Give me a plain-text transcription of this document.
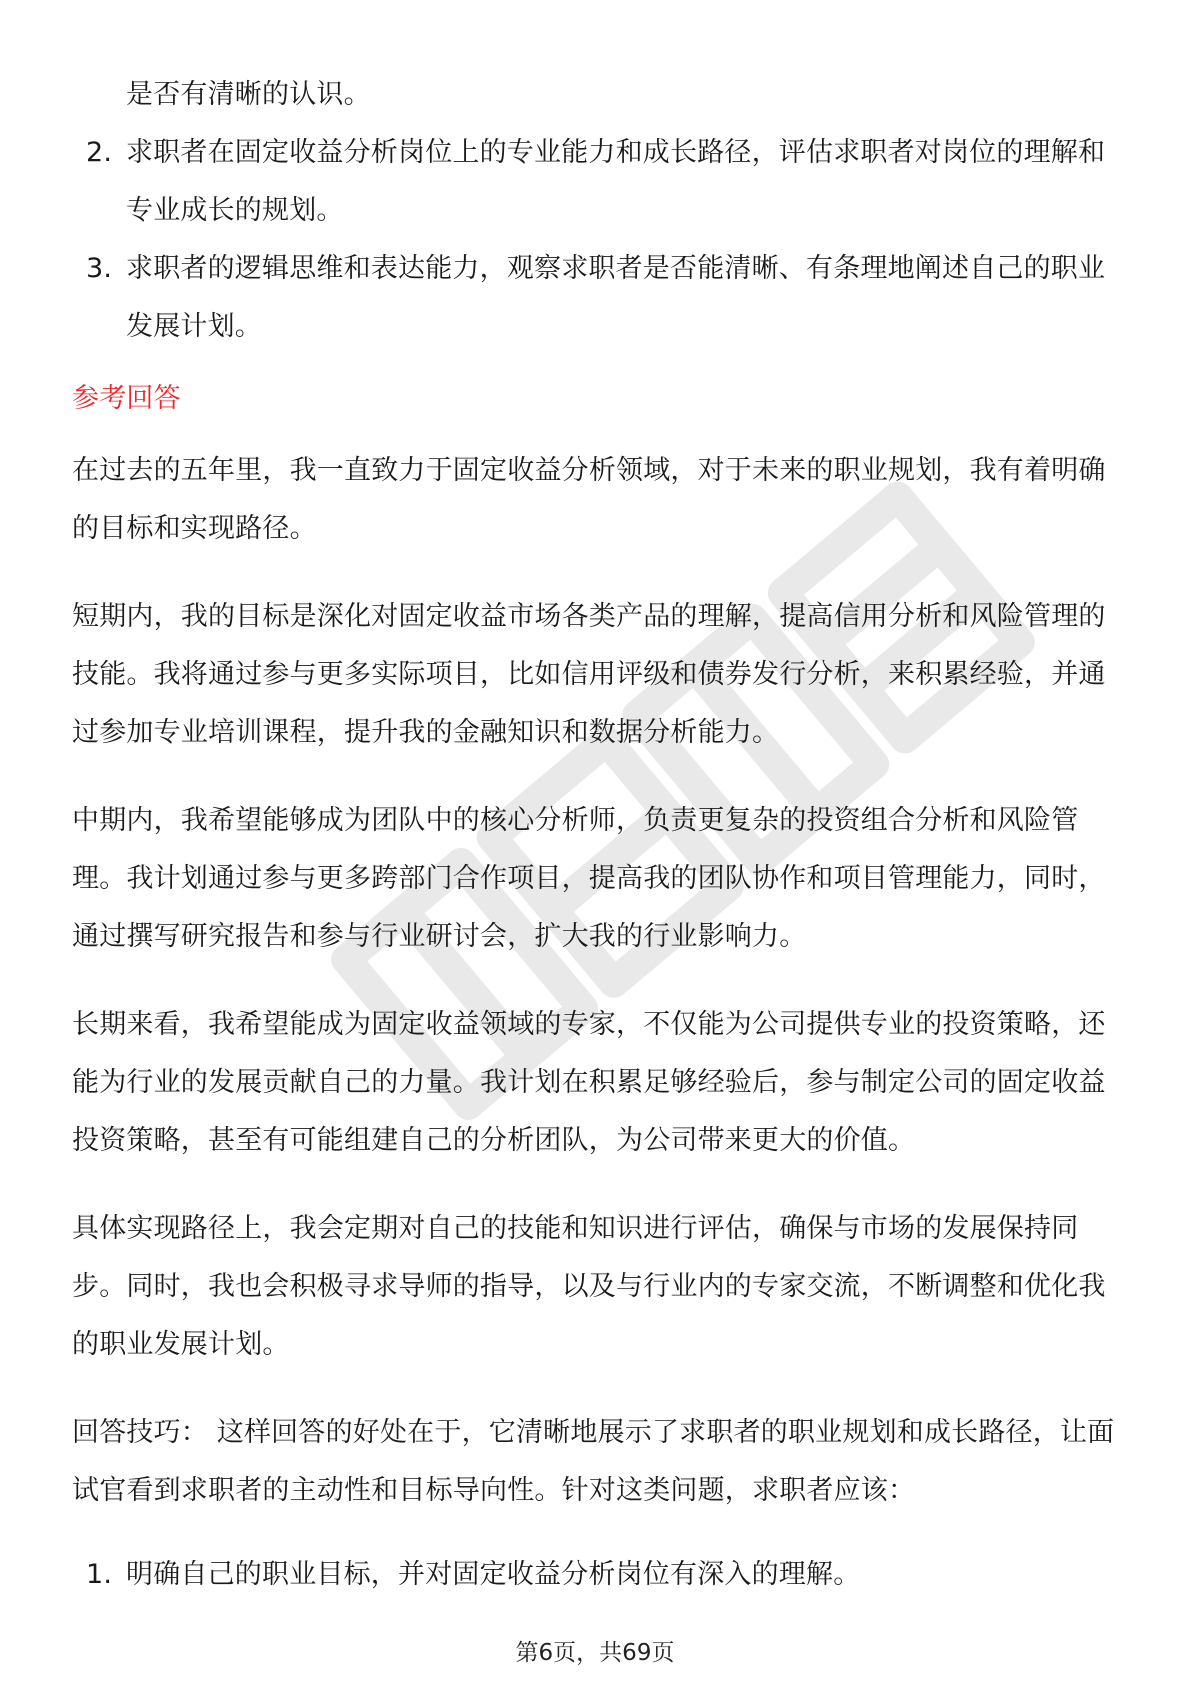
是否有清晰的认识。
2. 求职者在固定收益分析岗位上的专业能力和成长路径，评估求职者对岗位的理解和专业成长的规划。
3. 求职者的逻辑思维和表达能力，观察求职者是否能清晰、有条理地阐述自己的职业发展计划。
参考回答

在过去的五年里，我一直致力于固定收益分析领域，对于未来的职业规划，我有着明确的目标和实现路径。

短期内，我的目标是深化对固定收益市场各类产品的理解，提高信用分析和风险管理的技能。我将通过参与更多实际项目，比如信用评级和债券发行分析，来积累经验，并通过参加专业培训课程，提升我的金融知识和数据分析能力。

中期内，我希望能够成为团队中的核心分析师，负责更复杂的投资组合分析和风险管理。我计划通过参与更多跨部门合作项目，提高我的团队协作和项目管理能力，同时，通过撰写研究报告和参与行业研讨会，扩大我的行业影响力。

长期来看，我希望能成为固定收益领域的专家，不仅能为公司提供专业的投资策略，还能为行业的发展贡献自己的力量。我计划在积累足够经验后，参与制定公司的固定收益投资策略，甚至有可能组建自己的分析团队，为公司带来更大的价值。

具体实现路径上，我会定期对自己的技能和知识进行评估，确保与市场的发展保持同步。同时，我也会积极寻求导师的指导，以及与行业内的专家交流，不断调整和优化我的职业发展计划。

回答技巧： 这样回答的好处在于，它清晰地展示了求职者的职业规划和成长路径，让面试官看到求职者的主动性和目标导向性。针对这类问题，求职者应该：

1. 明确自己的职业目标，并对固定收益分析岗位有深入的理解。
第6页，共69页
